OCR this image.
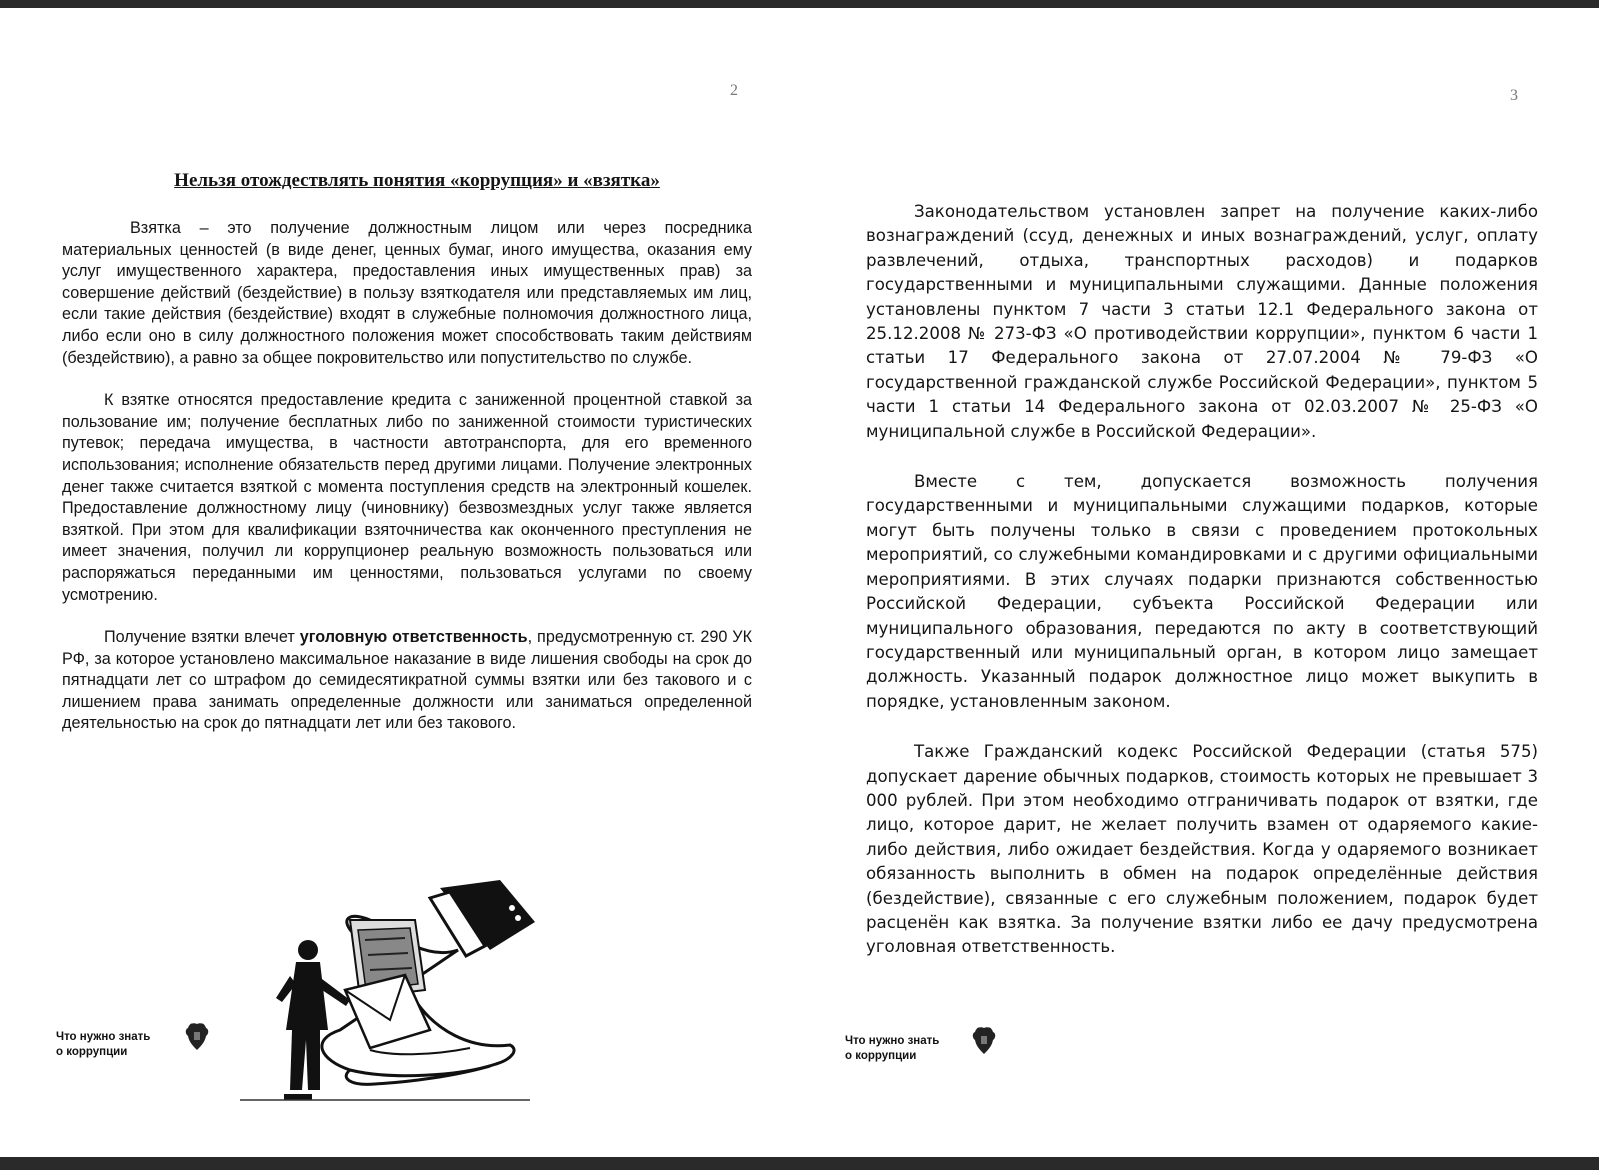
2
Нельзя отождествлять понятия «коррупция» и «взятка»

Взятка – это получение должностным лицом или через посредника материальных ценностей (в виде денег, ценных бумаг, иного имущества, оказания ему услуг имущественного характера, предоставления иных имущественных прав) за совершение действий (бездействие) в пользу взяткодателя или представляемых им лиц, если такие действия (бездействие) входят в служебные полномочия должностного лица, либо если оно в силу должностного положения может способствовать таким действиям (бездействию), а равно за общее покровительство или попустительство по службе.

К взятке относятся предоставление кредита с заниженной процентной ставкой за пользование им; получение бесплатных либо по заниженной стоимости туристических путевок; передача имущества, в частности автотранспорта, для его временного использования; исполнение обязательств перед другими лицами. Получение электронных денег также считается взяткой с момента поступления средств на электронный кошелек. Предоставление должностному лицу (чиновнику) безвозмездных услуг также является взяткой. При этом для квалификации взяточничества как оконченного преступления не имеет значения, получил ли коррупционер реальную возможность пользоваться или распоряжаться переданными им ценностями, пользоваться услугами по своему усмотрению.

Получение взятки влечет уголовную ответственность, предусмотренную ст. 290 УК РФ, за которое установлено максимальное наказание в виде лишения свободы на срок до пятнадцати лет со штрафом до семидесятикратной суммы взятки или без такового и с лишением права занимать определенные должности или заниматься определенной деятельностью на срок до пятнадцати лет или без такового.

Что нужно знать
о коррупции
3

Законодательством установлен запрет на получение каких-либо вознаграждений (ссуд, денежных и иных вознаграждений, услуг, оплату развлечений, отдыха, транспортных расходов) и подарков государственными и муниципальными служащими. Данные положения установлены пунктом 7 части 3 статьи 12.1 Федерального закона от 25.12.2008 № 273-ФЗ «О противодействии коррупции», пунктом 6 части 1 статьи 17 Федерального закона от 27.07.2004 № 79-ФЗ «О государственной гражданской службе Российской Федерации», пунктом 5 части 1 статьи 14 Федерального закона от 02.03.2007 № 25-ФЗ «О муниципальной службе в Российской Федерации».

Вместе с тем, допускается возможность получения государственными и муниципальными служащими подарков, которые могут быть получены только в связи с проведением протокольных мероприятий, со служебными командировками и с другими официальными мероприятиями. В этих случаях подарки признаются собственностью Российской Федерации, субъекта Российской Федерации или муниципального образования, передаются по акту в соответствующий государственный или муниципальный орган, в котором лицо замещает должность. Указанный подарок должностное лицо может выкупить в порядке, установленным законом.

Также Гражданский кодекс Российской Федерации (статья 575) допускает дарение обычных подарков, стоимость которых не превышает 3 000 рублей. При этом необходимо отграничивать подарок от взятки, где лицо, которое дарит, не желает получить взамен от одаряемого какие-либо действия, либо ожидает бездействия. Когда у одаряемого возникает обязанность выполнить в обмен на подарок определённые действия (бездействие), связанные с его служебным положением, подарок будет расценён как взятка. За получение взятки либо ее дачу предусмотрена уголовная ответственность.

Что нужно знать
о коррупции
